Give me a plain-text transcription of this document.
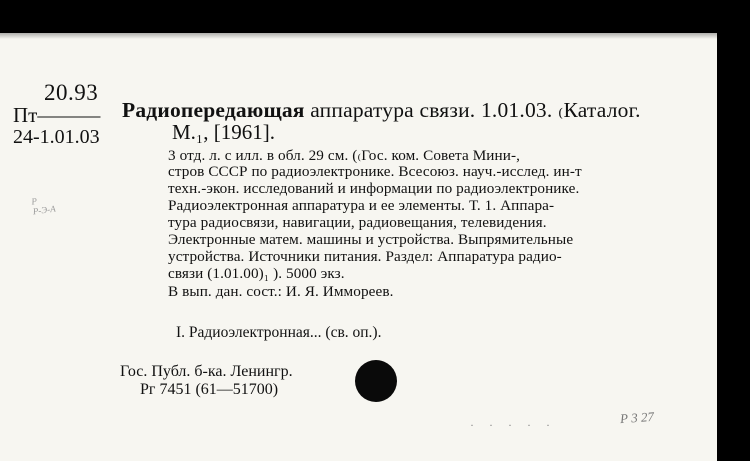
20.93
Пт———
24-1.01.03
Радиопередающая аппаратура связи. 1.01.03. ₍Каталог.
М.₁, [1961].
3 отд. л. с илл. в обл. 29 см. (₍Гос. ком. Совета Мини-,
стров СССР по радиоэлектронике. Всесоюз. науч.-исслед. ин-т
техн.-экон. исследований и информации по радиоэлектронике.
Радиоэлектронная аппаратура и ее элементы. Т. 1. Аппара-
тура радиосвязи, навигации, радиовещания, телевидения.
Электронные матем. машины и устройства. Выпрямительные
устройства. Источники питания. Раздел: Аппаратура радио-
связи (1.01.00)₁ ). 5000 экз.
В вып. дан. сост.: И. Я. Иммореев.
I. Радиоэлектронная... (св. оп.).
Гос. Публ. б-ка. Ленингр.
Рг 7451 (61—51700)
Р
Р-Э-А
Р 3 27
· · · · ·
